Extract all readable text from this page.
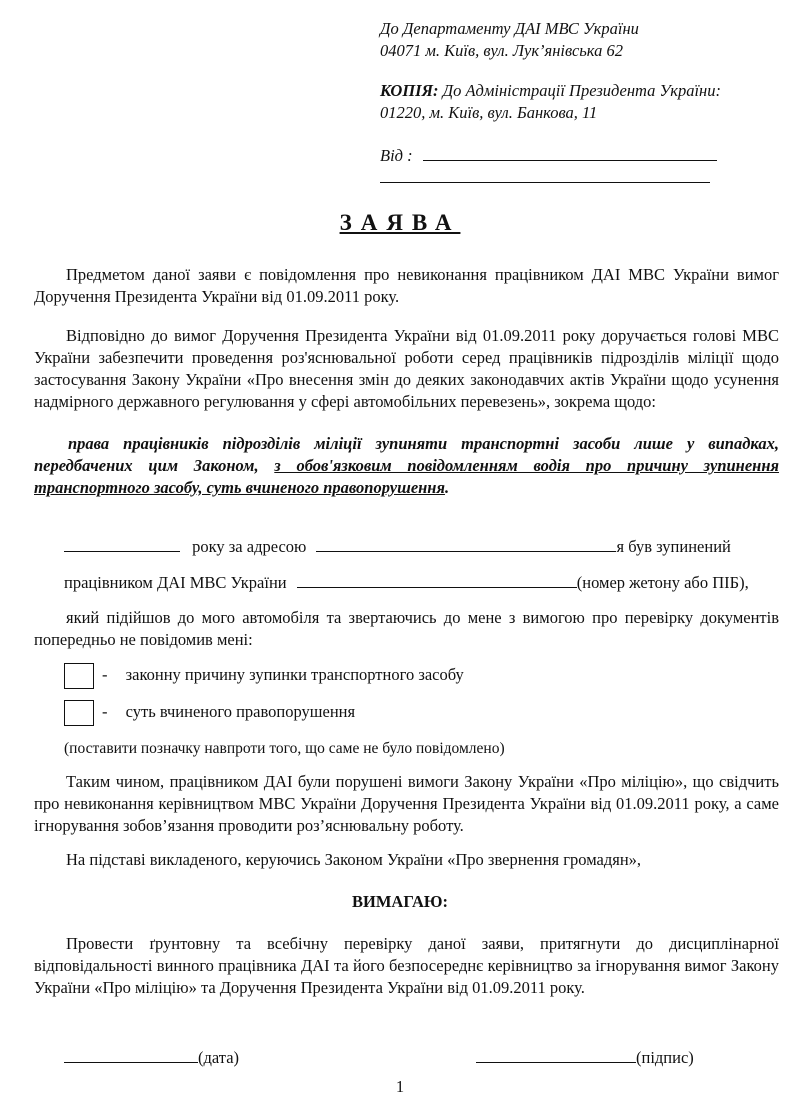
До Департаменту ДАІ МВС України

04071 м. Київ, вул. Лук’янівська 62

КОПІЯ: До Адміністрації Президента України:

01220, м. Київ, вул. Банкова, 11

Від :
ЗАЯВА

Предметом даної заяви є повідомлення про невиконання працівником ДАІ МВС України вимог Доручення Президента України від 01.09.2011 року.

Відповідно до вимог Доручення Президента України від 01.09.2011 року доручається голові МВС України забезпечити проведення роз'яснювальної роботи серед працівників підрозділів міліції щодо застосування Закону України «Про внесення змін до деяких законодавчих актів України щодо усунення надмірного державного регулювання у сфері автомобільних перевезень», зокрема щодо:

права працівників підрозділів міліції зупиняти транспортні засоби лише у випадках, передбачених цим Законом, з обов'язковим повідомленням водія про причину зупинення транспортного засобу, суть вчиненого правопорушення.

року за адресою	я був зупинений
працівником ДАІ МВС України	(номер жетону або ПІБ),

який підійшов до мого автомобіля та звертаючись до мене з вимогою про перевірку документів попередньо не повідомив мені:

- законну причину зупинки транспортного засобу
- суть вчиненого правопорушення
(поставити позначку навпроти того, що саме не було повідомлено)

Таким чином, працівником ДАІ були порушені вимоги Закону України «Про міліцію», що свідчить про невиконання керівництвом МВС України Доручення Президента України від 01.09.2011 року, а саме ігнорування зобов’язання проводити роз’яснювальну роботу.

На підставі викладеного, керуючись Законом України «Про звернення громадян»,

ВИМАГАЮ:

Провести ґрунтовну та всебічну перевірку даної заяви, притягнути до дисциплінарної відповідальності винного працівника ДАІ та його безпосереднє керівництво за ігнорування вимог Закону України «Про міліцію» та Доручення Президента України від 01.09.2011 року.

(дата)	(підпис)
1
